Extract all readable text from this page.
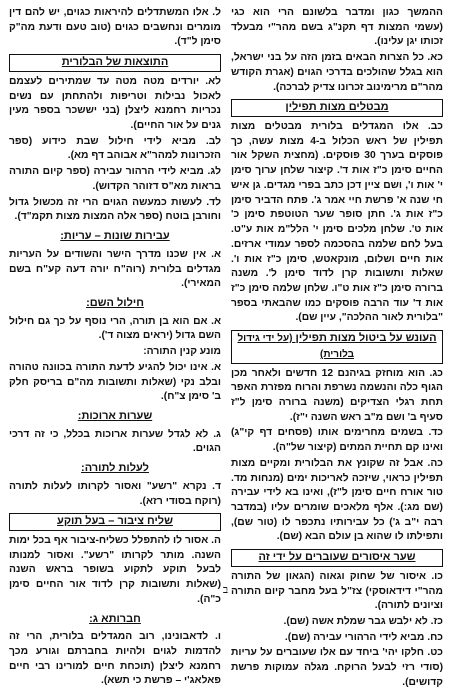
ההמשך כגון ומדבר בלשונם הרי הוא כגי (עשמי המצות דף תקנ"ג בשם מהר"י מבעלד זכותו יגן עלינו).

כא. כל הצרות הבאים בזמן הזה על בני ישראל, הוא בגלל שהולכים בדרכי הגוים (אגרת הקודש מהר"ם מרימינוב זכרונו צדיק לברכה).

מבטלים מצות תפילין

כב. אלו המגדלים בלורית מבטלים מצות תפילין של ראש הכלול ב-4 מצות עשה, כך פוסקים בערך 30 פוסקים. (מחצית השקל אור החיים סימן כ"ז אות ד'. קיצור שלחן ערוך סימן י' אות ו', ושם ציין דכן כתב בפרי מגדים. גן איש חי שנה א' פרשת חיי אמר ג'. פתח הדביר סימן כ"ז אות ג'. חתן סופר שער הטוטפת סימן כ' אות ט'. שלחן מלכים סימן י' הלל"מ אות ע"ט. בעל לחם שלמה בהסכמה לספר עמודי ארזים. אות חיים ושלום, מונקאטש, סימן כ"ז אות ו'. שאלות ותשובות קרן לדוד סימן ל'. משנה ברורה סימן כ"ז אות ט"ו. שלחן שלמה סימן כ"ז אות ד' עוד הרבה פוסקים כמו שהבאתי בספר "בלורית לאור ההלכה", עיין שם).

העונש על ביטול מצות תפילין (על ידי גידול בלורית)

כג. הוא מוחזק בגיהנם 12 חדשים ולאחר מכן הגוף כלה והנשמה נשרפת והרוח מפזרת האפר תחת רגלי הצדיקים (משנה ברורה סימן ל"ז סעיף ב' ושם מ"ב ראש השנה י"ז).

כד. בשמים מחרימים אותו (פסחים דף קי"ג) ואינו קם תחיית המתים (קיצור של"ה).

כה. אבל זה שקונץ את הבלורית ומקיים מצות תפילין כראוי, שיזכה לאריכות ימים (מנחות מד. טור אורח חיים סימן ל"ז), ואינו בא לידי עבירה (שם מג:). אלף מלאכים שומרים עליו (במדבר רבה י"ב ג') כל עבירותיו נתכפר לו (טור שם), ותפילתו לו שהוא בן עולם הבא (שם).

שער איסורים שעוברים על ידי זה

כו. איסור של שחוק וגאוה (הגאון של התורה מהר"י דידאוסקי) צז"ל בעל מחבר קיום התורה וציונים לתורה).

כז. לא ילבש גבר שמלת אשה (שם).

כח. מביא לידי הרהורי עבירה (שם).

כט. חלקו יהי' ביחד עם אלו שעוברים על עריות (סודי רזי לבעל הרוקח. מגלה עמוקות פרשת קדושים).

ל. אלו המשתדלים להיראות כגוים, יש להם דין מומרים ונחשבים כגוים (טוב טעם ודעת מה"ק סימן ל"ד).

התוצאות של הבלורית

לא. יורדים מטה מטה עד שמתירים לעצמם לאכול נבילות וטריפות ולהתחתן עם נשים נכריות רחמנא ליצלן (בני יששכר בספר מעין גנים על אור החיים).

לב. מביא לידי חילול שבת כידוע (ספר הזכרונות למהר"א אבוהב דף מא).

לג. מביא לידי הרהור עבירה (ספר קיום התורה בראות מא"ס דזוהר הקדוש).

לד. לעשות כמעשה הגוים הרי זה מכשול גדול וחורבן בוטח (ספר אלה המצות מצות תקמ"ד).

עבירות שונות – עריות:

א. אין שכנו מדרך הישר והשודים על העריות מגדלים בלורית (רוה"ח יורה דעה קע"ח בשם המאירי).

חילול השם:

א. אם הוא בן תורה, הרי נוסף על כך גם חילול השם גדול (יראים מצוה ד').

מונע קנין התורה:

א. אינו יכול להגיע לדעת התורה בכוונה טהורה ובלב נקי (שאלות ותשובות מה"ם בריסק חלק ב' סימן צ"ח).

שערות ארוכות:

ג. לא לגדל שערות ארוכות בכלל, כי זה דרכי הגוים.

לעלות לתורה:

ד. נקרא "רשע" ואסור לקרותו לעלות לתורה (רוקח בסודי רזא).

שליח ציבור – בעל תוקע

ה. אסור לו להתפלל כשליח-ציבור אף בכל ימות השנה. מותר לקרותו "רשע". ואסור למנותו לבעל תוקע לתקוע בשופר בראש השנה (שאלות ותשובות קרן לדוד אור החיים סימן כ"ה).

חברותא ג:

ו. לדאבונינו, רוב המגדלים בלורית, הרי זה להדמות לגוים ולהיות בחברתם וגורע מכך רחמנא ליצלן (תוכחת חיים למורינו רבי חיים פאלאג'י – פרשת כי תשא).

ב
